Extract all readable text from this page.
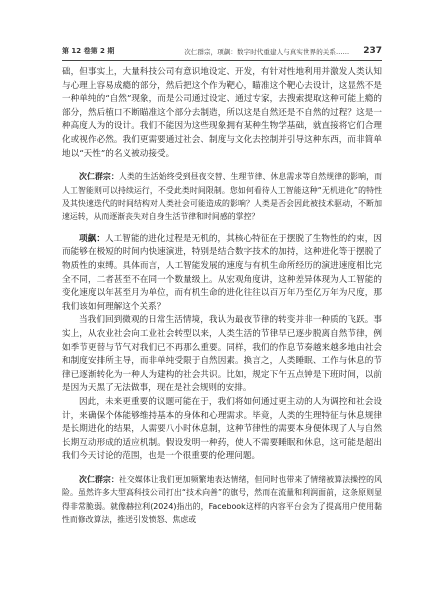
第 12 卷第 2 期	次仁群宗，项飙：数字时代重建人与真实世界的关系…… 237

础，但事实上，大量科技公司有意识地设定、开发，有针对性地利用并激发人类认知与心理上容易成瘾的部分，然后把这个作为靶心，瞄准这个靶心去设计，这显然不是一种单纯的“自然”现象，而是公司通过设定、通过专家，去搜索提取这种可能上瘾的部分，然后植口不断瞄准这个部分去制造，所以这是自然还是不自然的过程？这是一种高度人为的设计。我们不能因为这些现象拥有某种生物学基础，就直接将它们合理化或视作必然。我们更需要通过社会、制度与文化去控制并引导这种东西，而非简单地以“天性”的名义被动接受。

次仁群宗：人类的生活始终受到昼夜交替、生理节律、休息需求等自然规律的影响，而人工智能则可以持续运行，不受此类时间限制。您如何看待人工智能这种“无机进化”的特性及其快速迭代的时间结构对人类社会可能造成的影响？人类是否会因此被技术驱动，不断加速运转，从而逐渐丧失对自身生活节律和时间感的掌控？

项飙：人工智能的进化过程是无机的，其核心特征在于摆脱了生物性的约束，因而能够在极短的时间内快速演进，特别是结合数字技术的加持，这种进化等于摆脱了物质性的束缚。具体而言，人工智能发展的速度与有机生命所经历的演进速度相比完全不同，二者甚至不在同一个数量级上。从宏观角度讲，这种差异体现为人工智能的变化速度以年甚至月为单位，而有机生命的进化往往以百万年乃至亿万年为尺度，那我们该如何理解这个关系？

当我们回到微观的日常生活情境，我认为最夜节律的转变并非一种质的飞跃。事实上，从农业社会向工业社会转型以来，人类生活的节律早已逐步脱离自然节律，例如季节更替与节气对我们已不再那么重要。同样，我们的作息节奏越来越多地由社会和制度安排所主导，而非单纯受限于自然因素。换言之，人类睡眠、工作与休息的节律已逐渐转化为一种人为建构的社会共识。比如，规定下午五点钟是下班时间，以前是因为天黑了无法做事，现在是社会规则的安排。

因此，未来更重要的议题可能在于，我们将如何通过更主动的人为调控和社会设计，来确保个体能够维持基本的身体和心理需求。毕竟，人类的生理特征与休息规律是长期进化的结果，人需要八小时休息制，这种节律性的需要本身便体现了人与自然长期互动形成的适应机制。假设发明一种药，使人不需要睡眠和休息，这可能是超出我们今天讨论的范围，也是一个很重要的伦理问题。

次仁群宗：社交媒体让我们更加频繁地表达情绪，但同时也带来了情绪被算法操控的风险。虽然许多大型高科技公司打出“技术向善”的旗号，然而在流量和利润面前，这条原则显得非常脆弱。就像赫拉利(2024)指出的，Facebook这样的内容平台会为了提高用户使用黏性而修改算法，推送引发愤怒、焦虑或
